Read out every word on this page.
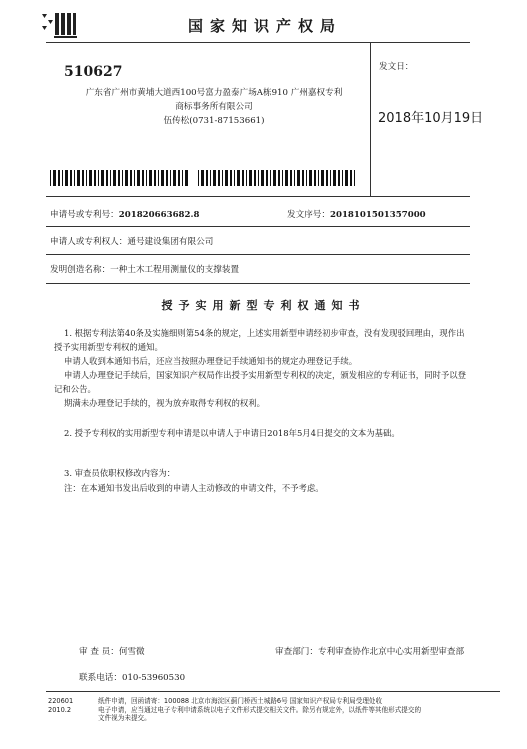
国家知识产权局
510627
广东省广州市黄埔大道西100号富力盈泰广场A栋910 广州嘉权专利
商标事务所有限公司
伍传松(0731-87153661)
发文日：
2018年10月19日
申请号或专利号：201820663682.8	发文序号：2018101501357000
申请人或专利权人：通号建设集团有限公司
发明创造名称：一种土木工程用测量仪的支撑装置
授予实用新型专利权通知书
1. 根据专利法第40条及实施细则第54条的规定，上述实用新型申请经初步审查，没有发现驳回理由，现作出授予实用新型专利权的通知。
申请人收到本通知书后，还应当按照办理登记手续通知书的规定办理登记手续。
申请人办理登记手续后，国家知识产权局作出授予实用新型专利权的决定，颁发相应的专利证书，同时予以登记和公告。
期满未办理登记手续的，视为放弃取得专利权的权利。
2. 授予专利权的实用新型专利申请是以申请人于申请日2018年5月4日提交的文本为基础。
3. 审查员依职权修改内容为：
注：在本通知书发出后收到的申请人主动修改的申请文件，不予考虑。
审 查 员：何雪微	审查部门：专利审查协作北京中心实用新型审查部
联系电话：010-53960530
220601
2010.2
纸件申请，回函请寄：100088 北京市海淀区蓟门桥西土城路6号 国家知识产权局专利局受理处收
电子申请，应当通过电子专利申请系统以电子文件形式提交相关文件。除另有规定外，以纸件等其他形式提交的
文件视为未提交。
